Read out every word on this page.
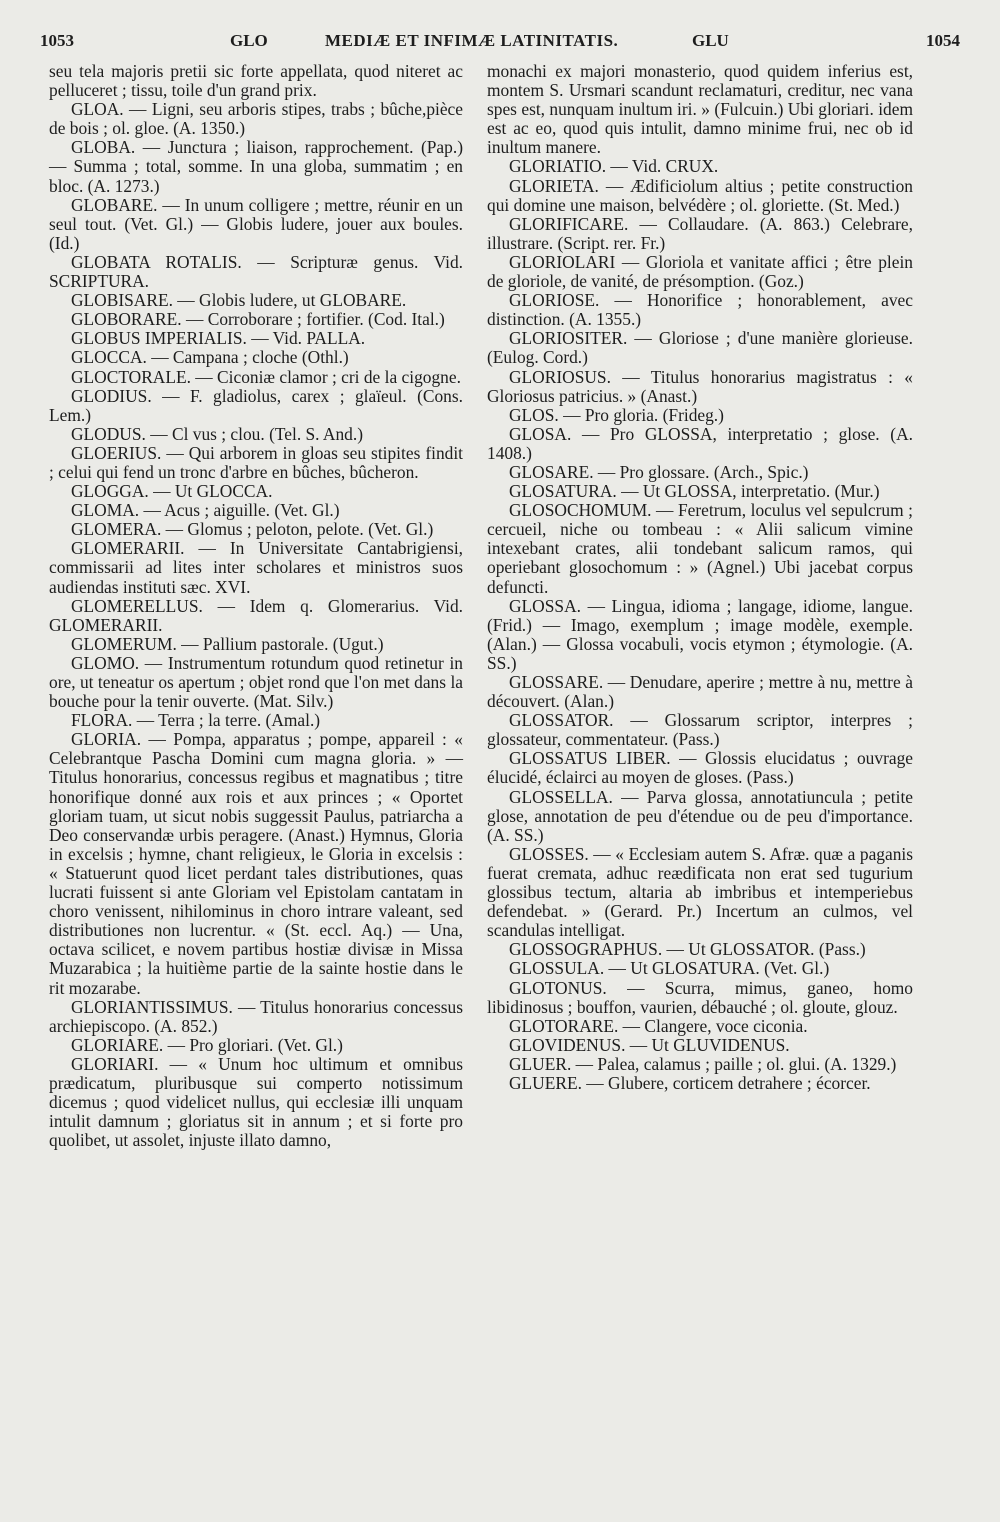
1053	GLO	MEDIÆ ET INFIMÆ LATINITATIS.	GLU	1054

seu tela majoris pretii sic forte appellata, quod niteret ac pelluceret ; tissu, toile d'un grand prix.

GLOA. — Ligni, seu arboris stipes, trabs ; bûche,pièce de bois ; ol. gloe. (A. 1350.)

GLOBA. — Junctura ; liaison, rapprochement. (Pap.) — Summa ; total, somme. In una globa, summatim ; en bloc. (A. 1273.)

GLOBARE. — In unum colligere ; mettre, réunir en un seul tout. (Vet. Gl.) — Globis ludere, jouer aux boules. (Id.)

GLOBATA ROTALIS. — Scripturæ genus. Vid. SCRIPTURA.

GLOBISARE. — Globis ludere, ut GLOBARE.

GLOBORARE. — Corroborare ; fortifier. (Cod. Ital.)

GLOBUS IMPERIALIS. — Vid. PALLA.

GLOCCA. — Campana ; cloche (Othl.)

GLOCTORALE. — Ciconiæ clamor ; cri de la cigogne.

GLODIUS. — F. gladiolus, carex ; glaïeul. (Cons. Lem.)

GLODUS. — Cl vus ; clou. (Tel. S. And.)

GLOERIUS. — Qui arborem in gloas seu stipites findit ; celui qui fend un tronc d'arbre en bûches, bûcheron.

GLOGGA. — Ut GLOCCA.

GLOMA. — Acus ; aiguille. (Vet. Gl.)

GLOMERA. — Glomus ; peloton, pelote. (Vet. Gl.)

GLOMERARII. — In Universitate Cantabrigiensi, commissarii ad lites inter scholares et ministros suos audiendas instituti sæc. XVI.

GLOMERELLUS. — Idem q. Glomerarius. Vid. GLOMERARII.

GLOMERUM. — Pallium pastorale. (Ugut.)

GLOMO. — Instrumentum rotundum quod retinetur in ore, ut teneatur os apertum ; objet rond que l'on met dans la bouche pour la tenir ouverte. (Mat. Silv.)

FLORA. — Terra ; la terre. (Amal.)

GLORIA. — Pompa, apparatus ; pompe, appareil : « Celebrantque Pascha Domini cum magna gloria. » — Titulus honorarius, concessus regibus et magnatibus ; titre honorifique donné aux rois et aux princes ; « Oportet gloriam tuam, ut sicut nobis suggessit Paulus, patriarcha a Deo conservandæ urbis peragere. (Anast.) Hymnus, Gloria in excelsis ; hymne, chant religieux, le Gloria in excelsis : « Statuerunt quod licet perdant tales distributiones, quas lucrati fuissent si ante Gloriam vel Epistolam cantatam in choro venissent, nihilominus in choro intrare valeant, sed distributiones non lucrentur. « (St. eccl. Aq.) — Una, octava scilicet, e novem partibus hostiæ divisæ in Missa Muzarabica ; la huitième partie de la sainte hostie dans le rit mozarabe.

GLORIANTISSIMUS. — Titulus honorarius concessus archiepiscopo. (A. 852.)

GLORIARE. — Pro gloriari. (Vet. Gl.)

GLORIARI. — « Unum hoc ultimum et omnibus prædicatum, pluribusque sui comperto notissimum dicemus ; quod videlicet nullus, qui ecclesiæ illi unquam intulit damnum ; gloriatus sit in annum ; et si forte pro quolibet, ut assolet, injuste illato damno,

monachi ex majori monasterio, quod quidem inferius est, montem S. Ursmari scandunt reclamaturi, creditur, nec vana spes est, nunquam inultum iri. » (Fulcuin.) Ubi gloriari. idem est ac eo, quod quis intulit, damno minime frui, nec ob id inultum manere.

GLORIATIO. — Vid. CRUX.

GLORIETA. — Ædificiolum altius ; petite construction qui domine une maison, belvédère ; ol. gloriette. (St. Med.)

GLORIFICARE. — Collaudare. (A. 863.) Celebrare, illustrare. (Script. rer. Fr.)

GLORIOLARI — Gloriola et vanitate affici ; être plein de gloriole, de vanité, de présomption. (Goz.)

GLORIOSE. — Honorifice ; honorablement, avec distinction. (A. 1355.)

GLORIOSITER. — Gloriose ; d'une manière glorieuse. (Eulog. Cord.)

GLORIOSUS. — Titulus honorarius magistratus : « Gloriosus patricius. » (Anast.)

GLOS. — Pro gloria. (Frideg.)

GLOSA. — Pro GLOSSA, interpretatio ; glose. (A. 1408.)

GLOSARE. — Pro glossare. (Arch., Spic.)

GLOSATURA. — Ut GLOSSA, interpretatio. (Mur.)

GLOSOCHOMUM. — Feretrum, loculus vel sepulcrum ; cercueil, niche ou tombeau : « Alii salicum vimine intexebant crates, alii tondebant salicum ramos, qui operiebant glosochomum : » (Agnel.) Ubi jacebat corpus defuncti.

GLOSSA. — Lingua, idioma ; langage, idiome, langue. (Frid.) — Imago, exemplum ; image modèle, exemple. (Alan.) — Glossa vocabuli, vocis etymon ; étymologie. (A. SS.)

GLOSSARE. — Denudare, aperire ; mettre à nu, mettre à découvert. (Alan.)

GLOSSATOR. — Glossarum scriptor, interpres ; glossateur, commentateur. (Pass.)

GLOSSATUS LIBER. — Glossis elucidatus ; ouvrage élucidé, éclairci au moyen de gloses. (Pass.)

GLOSSELLA. — Parva glossa, annotatiuncula ; petite glose, annotation de peu d'étendue ou de peu d'importance. (A. SS.)

GLOSSES. — « Ecclesiam autem S. Afræ. quæ a paganis fuerat cremata, adhuc reædificata non erat sed tugurium glossibus tectum, altaria ab imbribus et intemperiebus defendebat. » (Gerard. Pr.) Incertum an culmos, vel scandulas intelligat.

GLOSSOGRAPHUS. — Ut GLOSSATOR. (Pass.)

GLOSSULA. — Ut GLOSATURA. (Vet. Gl.)

GLOTONUS. — Scurra, mimus, ganeo, homo libidinosus ; bouffon, vaurien, débauché ; ol. gloute, glouz.

GLOTORARE. — Clangere, voce ciconia.

GLOVIDENUS. — Ut GLUVIDENUS.

GLUER. — Palea, calamus ; paille ; ol. glui. (A. 1329.)

GLUERE. — Glubere, corticem detrahere ; écorcer.
